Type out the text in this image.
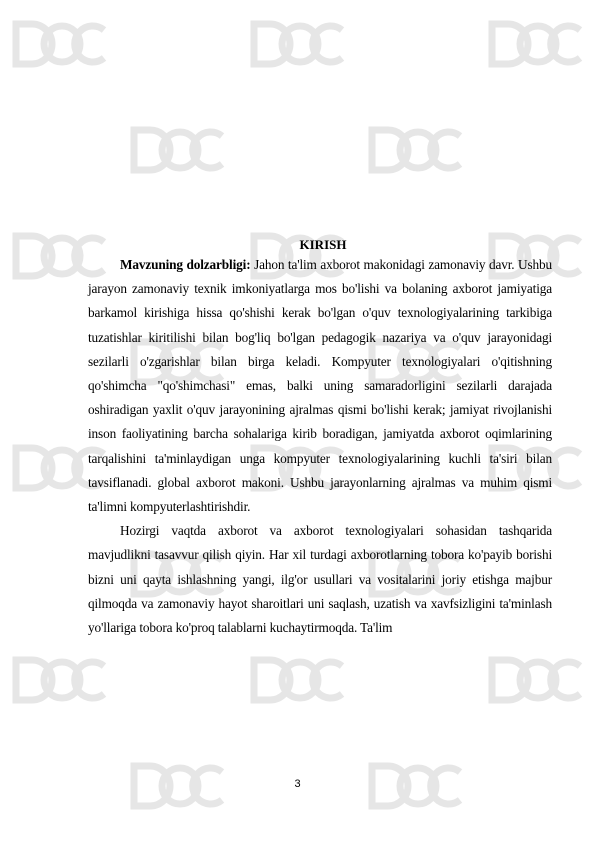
KIRISH

Mavzuning dolzarbligi: Jahon ta'lim axborot makonidagi zamonaviy davr. Ushbu jarayon zamonaviy texnik imkoniyatlarga mos bo'lishi va bolaning axborot jamiyatiga barkamol kirishiga hissa qo'shishi kerak bo'lgan o'quv texnologiyalarining tarkibiga tuzatishlar kiritilishi bilan bog'liq bo'lgan pedagogik nazariya va o'quv jarayonidagi sezilarli o'zgarishlar bilan birga keladi. Kompyuter texnologiyalari o'qitishning qo'shimcha "qo'shimchasi" emas, balki uning samaradorligini sezilarli darajada oshiradigan yaxlit o'quv jarayonining ajralmas qismi bo'lishi kerak; jamiyat rivojlanishi inson faoliyatining barcha sohalariga kirib boradigan, jamiyatda axborot oqimlarining tarqalishini ta'minlaydigan unga kompyuter texnologiyalarining kuchli ta'siri bilan tavsiflanadi. global axborot makoni. Ushbu jarayonlarning ajralmas va muhim qismi ta'limni kompyuterlashtirishdir.

Hozirgi vaqtda axborot va axborot texnologiyalari sohasidan tashqarida mavjudlikni tasavvur qilish qiyin. Har xil turdagi axborotlarning tobora ko'payib borishi bizni uni qayta ishlashning yangi, ilg'or usullari va vositalarini joriy etishga majbur qilmoqda va zamonaviy hayot sharoitlari uni saqlash, uzatish va xavfsizligini ta'minlash yo'llariga tobora ko'proq talablarni kuchaytirmoqda. Ta'lim

3
